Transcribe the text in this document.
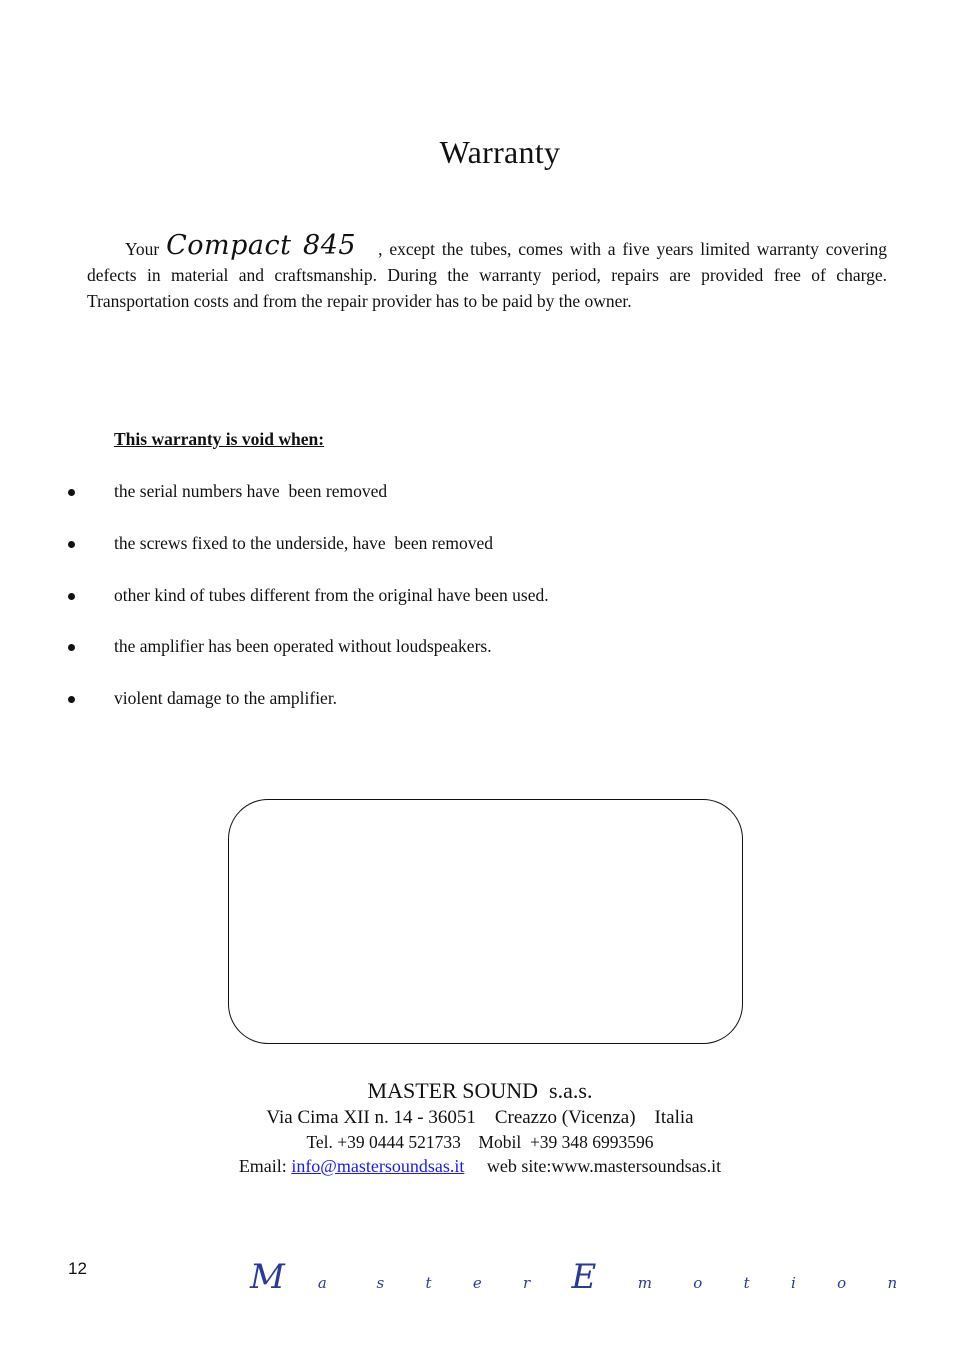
Warranty
Your Compact 845 , except the tubes, comes with a five years limited warranty covering defects in material and craftsmanship. During the warranty period, repairs are provided free of charge. Transportation costs and from the repair provider has to be paid by the owner.
This warranty is void when:
the serial numbers have  been removed
the screws fixed to the underside, have  been removed
other kind of tubes different from the original have been used.
the amplifier has been operated without loudspeakers.
violent damage to the amplifier.
MASTER SOUND  s.a.s.
Via Cima XII n. 14 - 36051    Creazzo (Vicenza)    Italia
Tel. +39 0444 521733    Mobil  +39 348 6993596
Email: info@mastersoundsas.it     web site:www.mastersoundsas.it
12	M a	s	t	e	r E	m	o	t	i	o	n
